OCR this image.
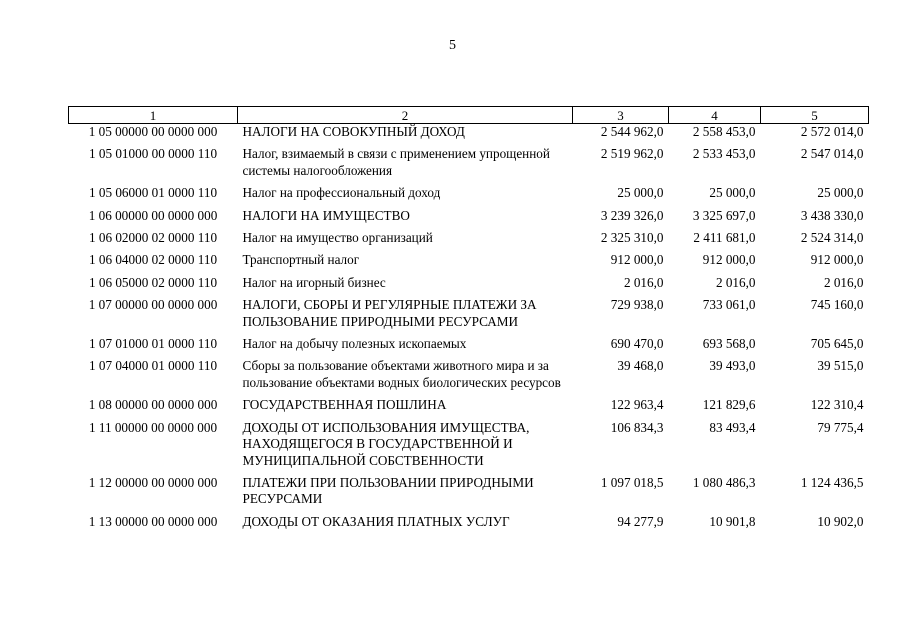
5
1	2	3	4	5
1 05 00000 00 0000 000	НАЛОГИ НА СОВОКУПНЫЙ ДОХОД	2 544 962,0	2 558 453,0	2 572 014,0
1 05 01000 00 0000 110	Налог, взимаемый в связи с применением упрощенной системы налогообложения	2 519 962,0	2 533 453,0	2 547 014,0
1 05 06000 01 0000 110	Налог на профессиональный доход	25 000,0	25 000,0	25 000,0
1 06 00000 00 0000 000	НАЛОГИ НА ИМУЩЕСТВО	3 239 326,0	3 325 697,0	3 438 330,0
1 06 02000 02 0000 110	Налог на имущество организаций	2 325 310,0	2 411 681,0	2 524 314,0
1 06 04000 02 0000 110	Транспортный налог	912 000,0	912 000,0	912 000,0
1 06 05000 02 0000 110	Налог на игорный бизнес	2 016,0	2 016,0	2 016,0
1 07 00000 00 0000 000	НАЛОГИ, СБОРЫ И РЕГУЛЯРНЫЕ ПЛАТЕЖИ ЗА ПОЛЬЗОВАНИЕ ПРИРОДНЫМИ РЕСУРСАМИ	729 938,0	733 061,0	745 160,0
1 07 01000 01 0000 110	Налог на добычу полезных ископаемых	690 470,0	693 568,0	705 645,0
1 07 04000 01 0000 110	Сборы за пользование объектами животного мира и за пользование объектами водных биологических ресурсов	39 468,0	39 493,0	39 515,0
1 08 00000 00 0000 000	ГОСУДАРСТВЕННАЯ ПОШЛИНА	122 963,4	121 829,6	122 310,4
1 11 00000 00 0000 000	ДОХОДЫ ОТ ИСПОЛЬЗОВАНИЯ ИМУЩЕСТВА, НАХОДЯЩЕГОСЯ В ГОСУДАРСТВЕННОЙ И МУНИЦИПАЛЬНОЙ СОБСТВЕННОСТИ	106 834,3	83 493,4	79 775,4
1 12 00000 00 0000 000	ПЛАТЕЖИ ПРИ ПОЛЬЗОВАНИИ ПРИРОДНЫМИ РЕСУРСАМИ	1 097 018,5	1 080 486,3	1 124 436,5
1 13 00000 00 0000 000	ДОХОДЫ ОТ ОКАЗАНИЯ ПЛАТНЫХ УСЛУГ	94 277,9	10 901,8	10 902,0
